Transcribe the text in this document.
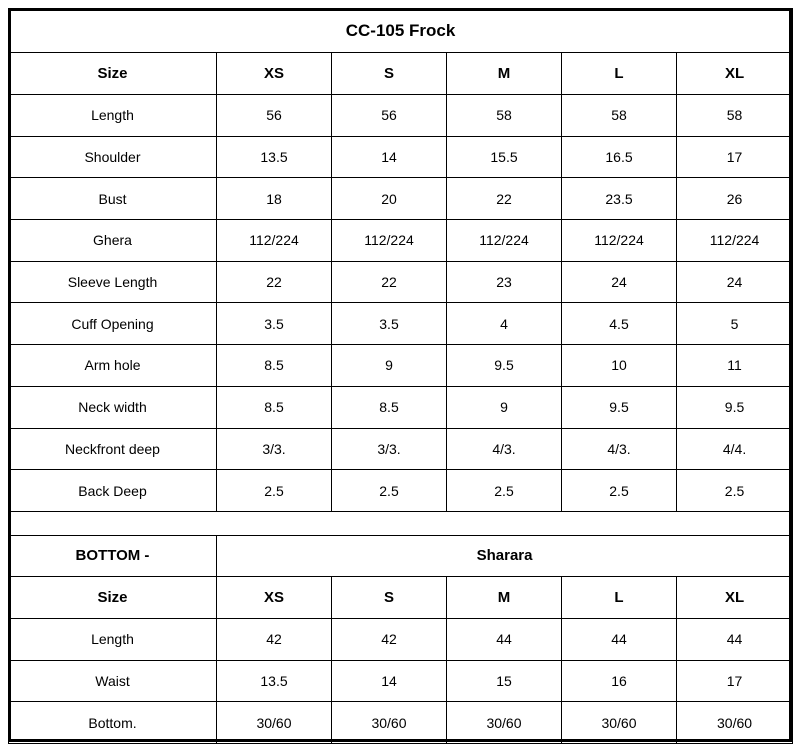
CC-105 Frock					
Size	XS	S	M	L	XL
Length	56	56	58	58	58
Shoulder	13.5	14	15.5	16.5	17
Bust	18	20	22	23.5	26
Ghera	112/224	112/224	112/224	112/224	112/224
Sleeve Length	22	22	23	24	24
Cuff Opening	3.5	3.5	4	4.5	5
Arm hole	8.5	9	9.5	10	11
Neck width	8.5	8.5	9	9.5	9.5
Neckfront deep	3/3.	3/3.	4/3.	4/3.	4/4.
Back Deep	2.5	2.5	2.5	2.5	2.5

BOTTOM -	Sharara				
Size	XS	S	M	L	XL
Length	42	42	44	44	44
Waist	13.5	14	15	16	17
Bottom.	30/60	30/60	30/60	30/60	30/60
